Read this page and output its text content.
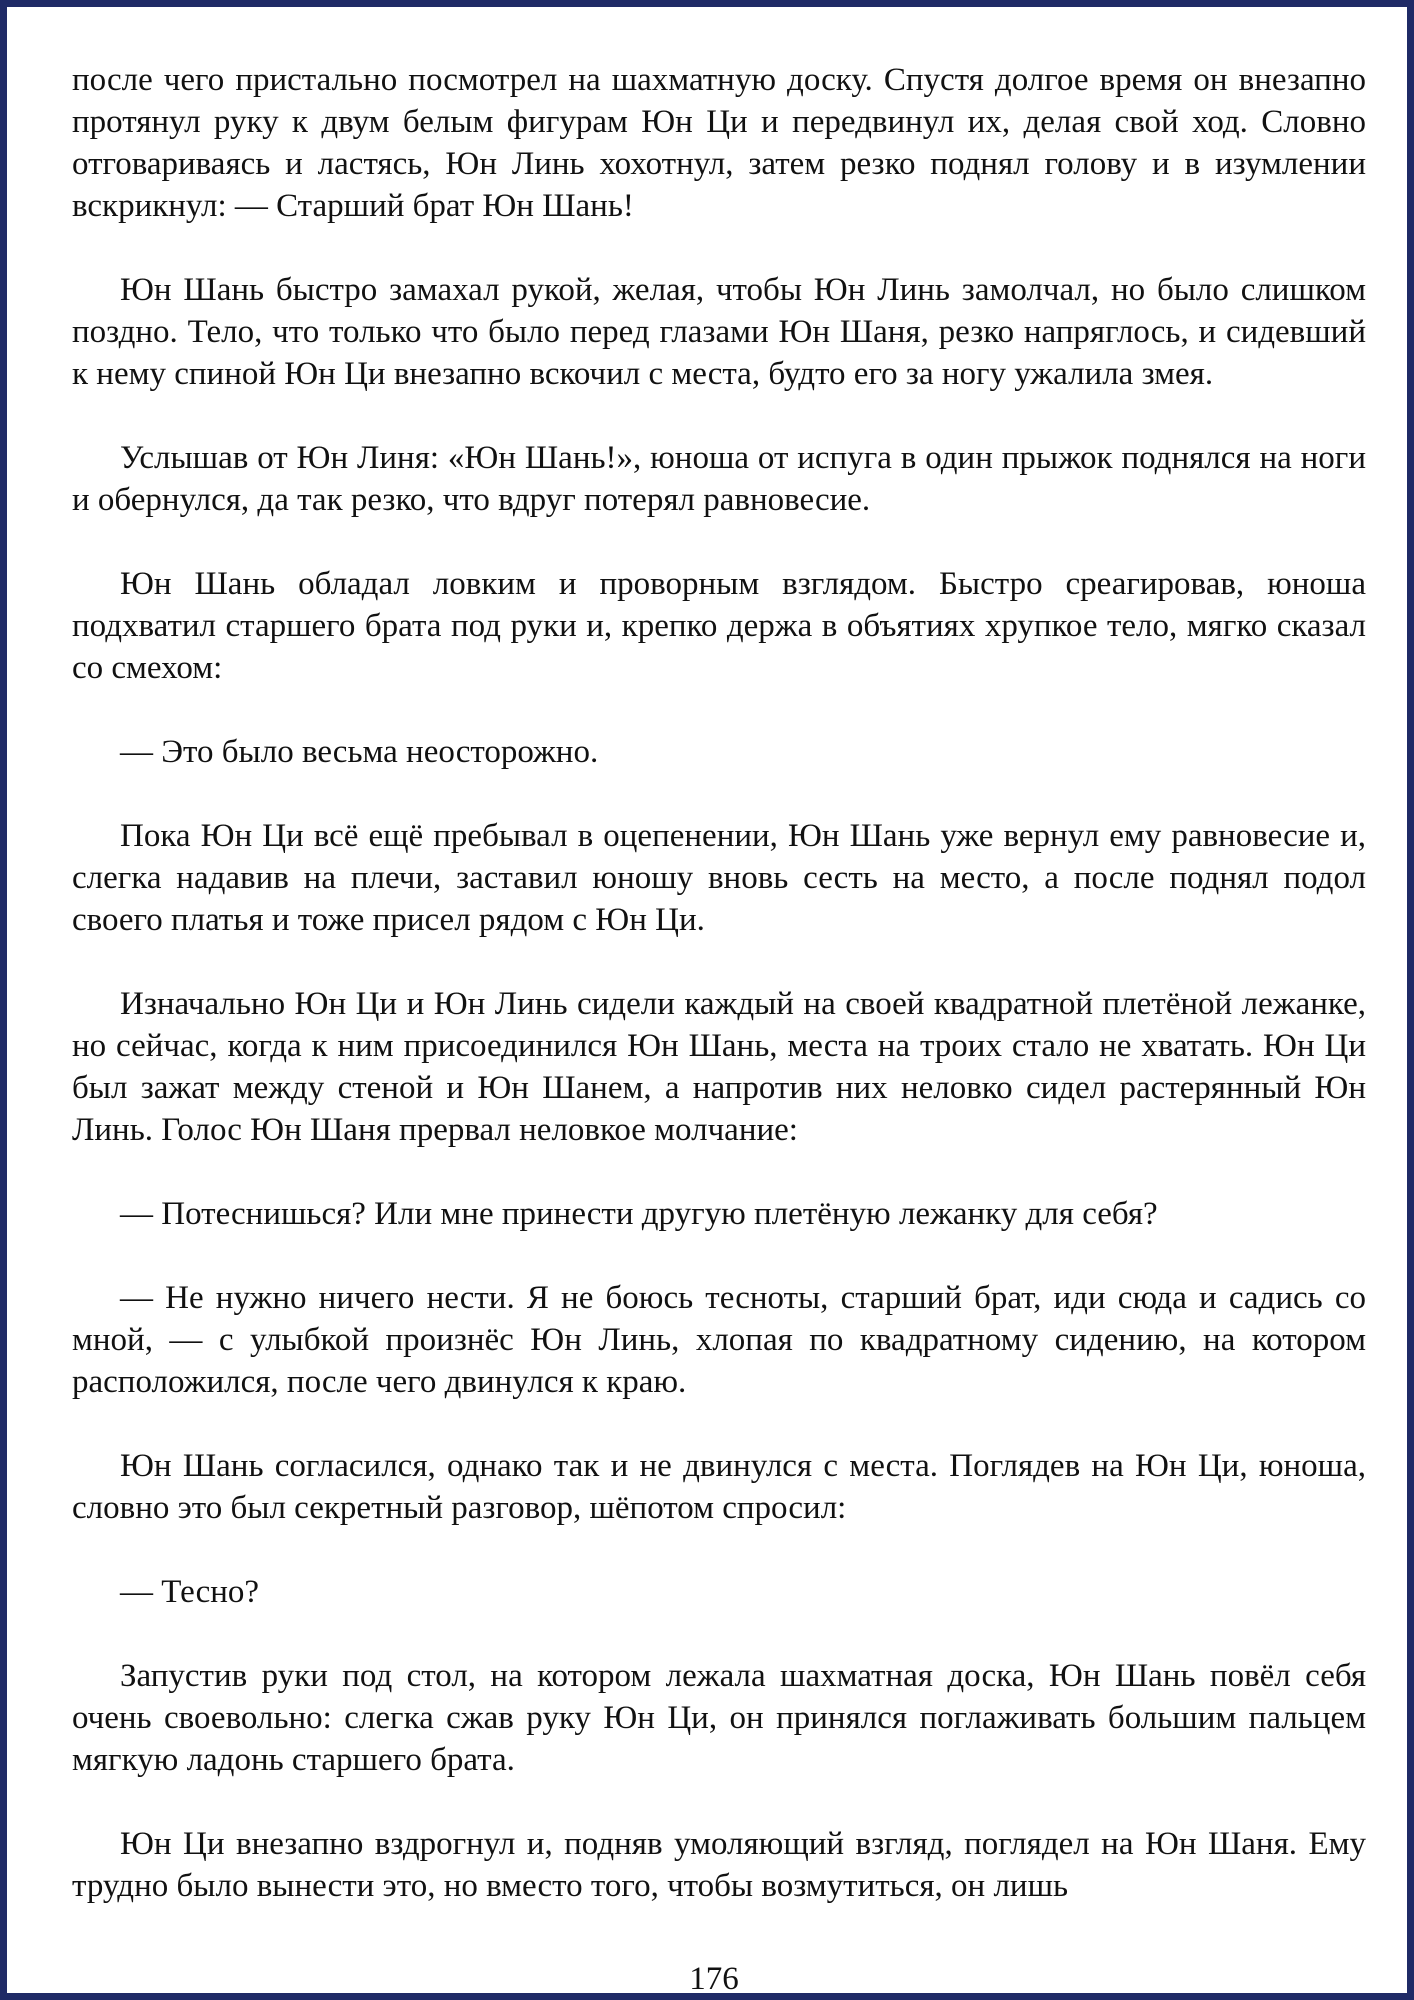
после чего пристально посмотрел на шахматную доску. Спустя долгое время он внезапно протянул руку к двум белым фигурам Юн Ци и передвинул их, делая свой ход. Словно отговариваясь и ластясь, Юн Линь хохотнул, затем резко поднял голову и в изумлении вскрикнул: — Старший брат Юн Шань!

Юн Шань быстро замахал рукой, желая, чтобы Юн Линь замолчал, но было слишком поздно. Тело, что только что было перед глазами Юн Шаня, резко напряглось, и сидевший к нему спиной Юн Ци внезапно вскочил с места, будто его за ногу ужалила змея.

Услышав от Юн Линя: «Юн Шань!», юноша от испуга в один прыжок поднялся на ноги и обернулся, да так резко, что вдруг потерял равновесие.

Юн Шань обладал ловким и проворным взглядом. Быстро среагировав, юноша подхватил старшего брата под руки и, крепко держа в объятиях хрупкое тело, мягко сказал со смехом:

— Это было весьма неосторожно.

Пока Юн Ци всё ещё пребывал в оцепенении, Юн Шань уже вернул ему равновесие и, слегка надавив на плечи, заставил юношу вновь сесть на место, а после поднял подол своего платья и тоже присел рядом с Юн Ци.

Изначально Юн Ци и Юн Линь сидели каждый на своей квадратной плетёной лежанке, но сейчас, когда к ним присоединился Юн Шань, места на троих стало не хватать. Юн Ци был зажат между стеной и Юн Шанем, а напротив них неловко сидел растерянный Юн Линь. Голос Юн Шаня прервал неловкое молчание:

— Потеснишься? Или мне принести другую плетёную лежанку для себя?

— Не нужно ничего нести. Я не боюсь тесноты, старший брат, иди сюда и садись со мной, — с улыбкой произнёс Юн Линь, хлопая по квадратному сидению, на котором расположился, после чего двинулся к краю.

Юн Шань согласился, однако так и не двинулся с места. Поглядев на Юн Ци, юноша, словно это был секретный разговор, шёпотом спросил:

— Тесно?

Запустив руки под стол, на котором лежала шахматная доска, Юн Шань повёл себя очень своевольно: слегка сжав руку Юн Ци, он принялся поглаживать большим пальцем мягкую ладонь старшего брата.

Юн Ци внезапно вздрогнул и, подняв умоляющий взгляд, поглядел на Юн Шаня. Ему трудно было вынести это, но вместо того, чтобы возмутиться, он лишь

176
